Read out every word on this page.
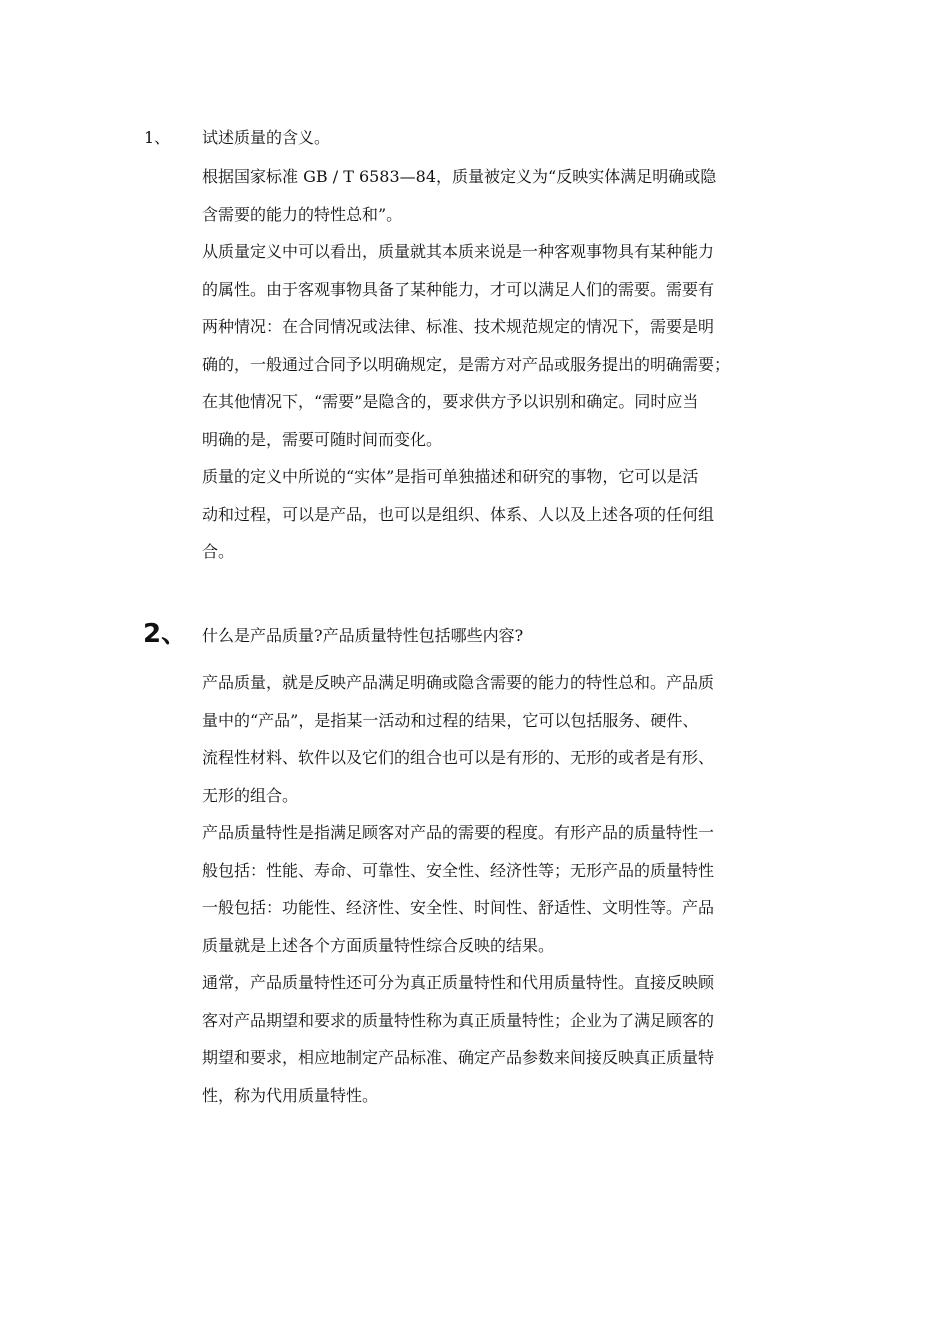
1、 试述质量的含义。

根据国家标准 GB / T 6583—84，质量被定义为“反映实体满足明确或隐
含需要的能力的特性总和”。

从质量定义中可以看出，质量就其本质来说是一种客观事物具有某种能力
的属性。由于客观事物具备了某种能力，才可以满足人们的需要。需要有
两种情况：在合同情况或法律、标准、技术规范规定的情况下，需要是明
确的，一般通过合同予以明确规定，是需方对产品或服务提出的明确需要；
在其他情况下，“需要”是隐含的，要求供方予以识别和确定。同时应当
明确的是，需要可随时间而变化。

质量的定义中所说的“实体”是指可单独描述和研究的事物，它可以是活
动和过程，可以是产品，也可以是组织、体系、人以及上述各项的任何组
合。

2、 什么是产品质量?产品质量特性包括哪些内容?

产品质量，就是反映产品满足明确或隐含需要的能力的特性总和。产品质
量中的“产品”，是指某一活动和过程的结果，它可以包括服务、硬件、
流程性材料、软件以及它们的组合也可以是有形的、无形的或者是有形、
无形的组合。

产品质量特性是指满足顾客对产品的需要的程度。有形产品的质量特性一
般包括：性能、寿命、可靠性、安全性、经济性等；无形产品的质量特性
一般包括：功能性、经济性、安全性、时间性、舒适性、文明性等。产品
质量就是上述各个方面质量特性综合反映的结果。

通常，产品质量特性还可分为真正质量特性和代用质量特性。直接反映顾
客对产品期望和要求的质量特性称为真正质量特性；企业为了满足顾客的
期望和要求，相应地制定产品标准、确定产品参数来间接反映真正质量特
性，称为代用质量特性。
